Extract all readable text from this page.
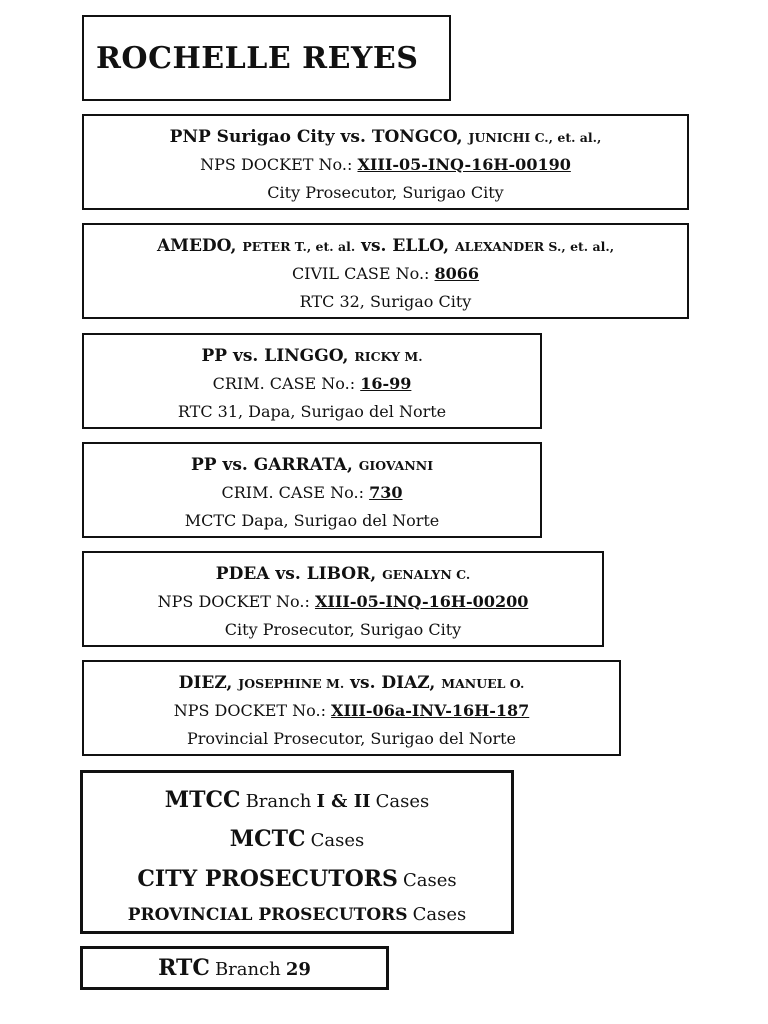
ROCHELLE REYES
PNP Surigao City vs. TONGCO, JUNICHI C., et. al.,
NPS DOCKET No.: XIII-05-INQ-16H-00190
City Prosecutor, Surigao City
AMEDO, PETER T., et. al. vs. ELLO, ALEXANDER S., et. al.,
CIVIL CASE No.: 8066
RTC 32, Surigao City
PP vs. LINGGO, RICKY M.
CRIM. CASE No.: 16-99
RTC 31, Dapa, Surigao del Norte
PP vs. GARRATA, GIOVANNI
CRIM. CASE No.: 730
MCTC Dapa, Surigao del Norte
PDEA vs. LIBOR, GENALYN C.
NPS DOCKET No.: XIII-05-INQ-16H-00200
City Prosecutor, Surigao City
DIEZ, JOSEPHINE M. vs. DIAZ, MANUEL O.
NPS DOCKET No.: XIII-06a-INV-16H-187
Provincial Prosecutor, Surigao del Norte
MTCC Branch I & II Cases
MCTC Cases
CITY PROSECUTORS Cases
PROVINCIAL PROSECUTORS Cases
RTC Branch 29
